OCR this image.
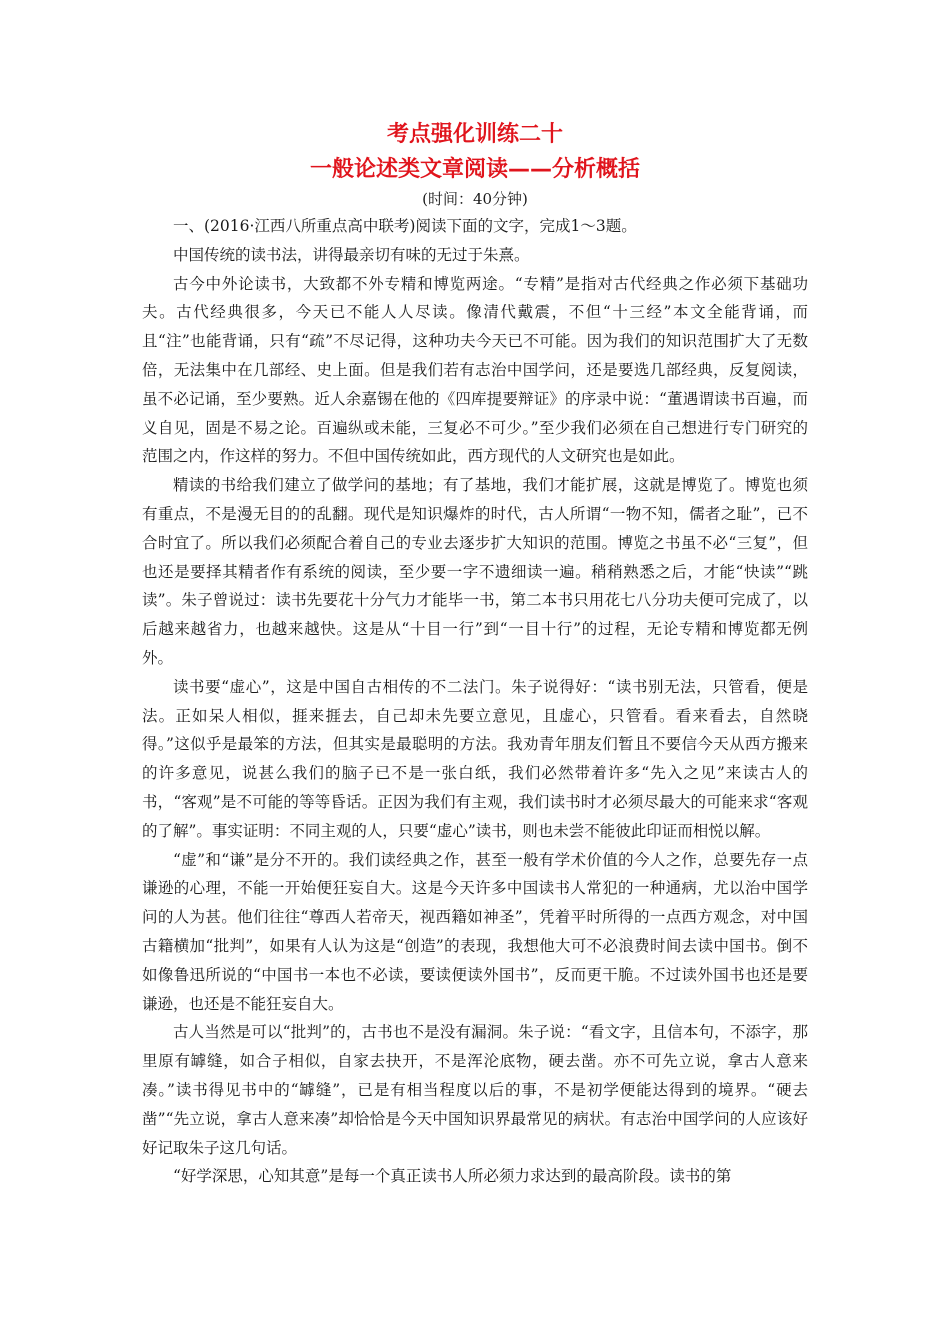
考点强化训练二十
一般论述类文章阅读——分析概括
(时间：40分钟)

一、(2016·江西八所重点高中联考)阅读下面的文字，完成1～3题。

中国传统的读书法，讲得最亲切有味的无过于朱熹。

古今中外论读书，大致都不外专精和博览两途。“专精”是指对古代经典之作必须下基础功夫。古代经典很多，今天已不能人人尽读。像清代戴震，不但“十三经”本文全能背诵，而且“注”也能背诵，只有“疏”不尽记得，这种功夫今天已不可能。因为我们的知识范围扩大了无数倍，无法集中在几部经、史上面。但是我们若有志治中国学问，还是要选几部经典，反复阅读，虽不必记诵，至少要熟。近人余嘉锡在他的《四库提要辩证》的序录中说：“董遇谓读书百遍，而义自见，固是不易之论。百遍纵或未能，三复必不可少。”至少我们必须在自己想进行专门研究的范围之内，作这样的努力。不但中国传统如此，西方现代的人文研究也是如此。

精读的书给我们建立了做学问的基地；有了基地，我们才能扩展，这就是博览了。博览也须有重点，不是漫无目的的乱翻。现代是知识爆炸的时代，古人所谓“一物不知，儒者之耻”，已不合时宜了。所以我们必须配合着自己的专业去逐步扩大知识的范围。博览之书虽不必“三复”，但也还是要择其精者作有系统的阅读，至少要一字不遗细读一遍。稍稍熟悉之后，才能“快读”“跳读”。朱子曾说过：读书先要花十分气力才能毕一书，第二本书只用花七八分功夫便可完成了，以后越来越省力，也越来越快。这是从“十目一行”到“一目十行”的过程，无论专精和博览都无例外。

读书要“虚心”，这是中国自古相传的不二法门。朱子说得好：“读书别无法，只管看，便是法。正如呆人相似，捱来捱去，自己却未先要立意见，且虚心，只管看。看来看去，自然晓得。”这似乎是最笨的方法，但其实是最聪明的方法。我劝青年朋友们暂且不要信今天从西方搬来的许多意见，说甚么我们的脑子已不是一张白纸，我们必然带着许多“先入之见”来读古人的书，“客观”是不可能的等等昏话。正因为我们有主观，我们读书时才必须尽最大的可能来求“客观的了解”。事实证明：不同主观的人，只要“虚心”读书，则也未尝不能彼此印证而相悦以解。

“虚”和“谦”是分不开的。我们读经典之作，甚至一般有学术价值的今人之作，总要先存一点谦逊的心理，不能一开始便狂妄自大。这是今天许多中国读书人常犯的一种通病，尤以治中国学问的人为甚。他们往往“尊西人若帝天，视西籍如神圣”，凭着平时所得的一点西方观念，对中国古籍横加“批判”，如果有人认为这是“创造”的表现，我想他大可不必浪费时间去读中国书。倒不如像鲁迅所说的“中国书一本也不必读，要读便读外国书”，反而更干脆。不过读外国书也还是要谦逊，也还是不能狂妄自大。

古人当然是可以“批判”的，古书也不是没有漏洞。朱子说：“看文字，且信本句，不添字，那里原有罅缝，如合子相似，自家去抉开，不是浑沦底物，硬去凿。亦不可先立说，拿古人意来凑。”读书得见书中的“罅缝”，已是有相当程度以后的事，不是初学便能达得到的境界。“硬去凿”“先立说，拿古人意来凑”却恰恰是今天中国知识界最常见的病状。有志治中国学问的人应该好好记取朱子这几句话。

“好学深思，心知其意”是每一个真正读书人所必须力求达到的最高阶段。读书的第
